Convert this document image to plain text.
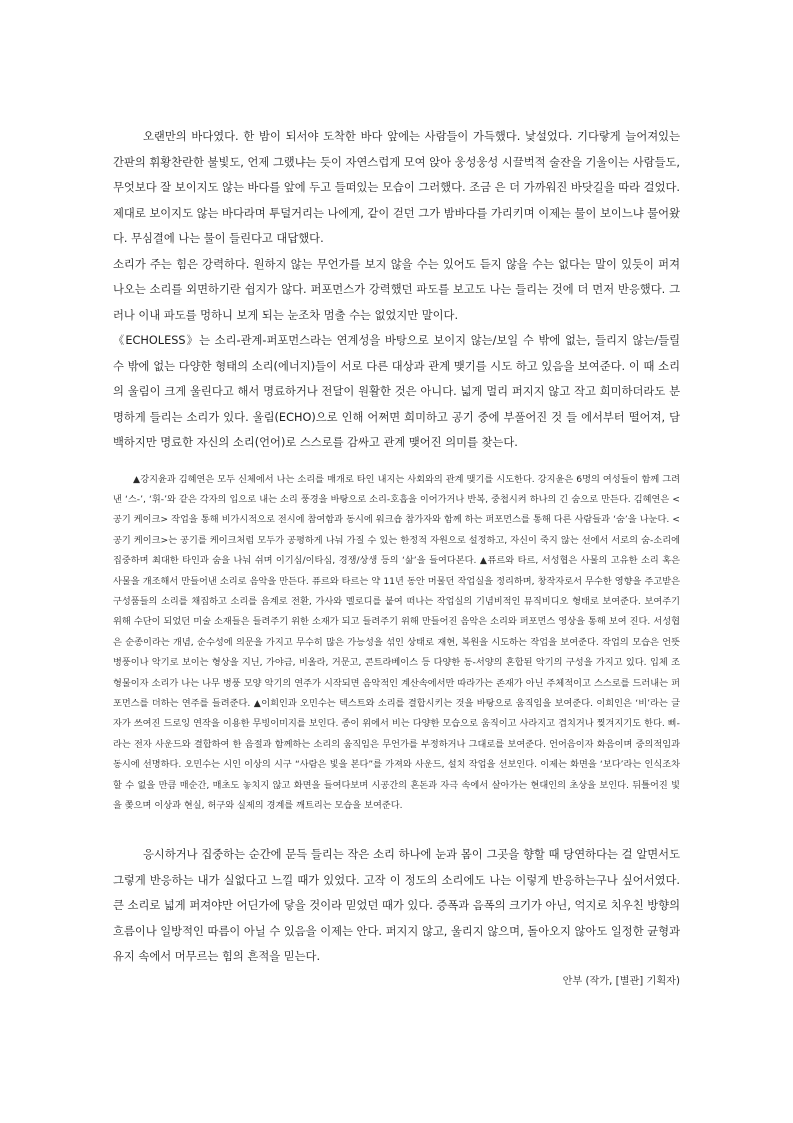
오랜만의 바다였다. 한 밤이 되서야 도착한 바다 앞에는 사람들이 가득했다. 낯설었다. 기다랗게 늘어져있는 간판의 휘황찬란한 불빛도, 언제 그랬냐는 듯이 자연스럽게 모여 앉아 웅성웅성 시끌벅적 술잔을 기울이는 사람들도, 무엇보다 잘 보이지도 않는 바다를 앞에 두고 들떠있는 모습이 그러했다. 조금 은 더 가까워진 바닷길을 따라 걸었다. 제대로 보이지도 않는 바다라며 투덜거리는 나에게, 같이 걷던 그가 밤바다를 가리키며 이제는 물이 보이느냐 물어왔다. 무심결에 나는 물이 들린다고 대답했다.

소리가 주는 힘은 강력하다. 원하지 않는 무언가를 보지 않을 수는 있어도 듣지 않을 수는 없다는 말이 있듯이 퍼져 나오는 소리를 외면하기란 쉽지가 않다. 퍼포먼스가 강력했던 파도를 보고도 나는 들리는 것에 더 먼저 반응했다. 그러나 이내 파도를 멍하니 보게 되는 눈조차 멈출 수는 없었지만 말이다.

《ECHOLESS》는 소리-관계-퍼포먼스라는 연계성을 바탕으로 보이지 않는/보일 수 밖에 없는, 들리지 않는/들릴 수 밖에 없는 다양한 형태의 소리(에너지)들이 서로 다른 대상과 관계 맺기를 시도 하고 있음을 보여준다. 이 때 소리의 울림이 크게 울린다고 해서 명료하거나 전달이 원활한 것은 아니다. 넓게 멀리 퍼지지 않고 작고 희미하더라도 분명하게 들리는 소리가 있다. 울림(ECHO)으로 인해 어쩌면 희미하고 공기 중에 부풀어진 것 들 에서부터 떨어져, 담백하지만 명료한 자신의 소리(언어)로 스스로를 감싸고 관계 맺어진 의미를 찾는다.

▲강지윤과 김혜연은 모두 신체에서 나는 소리를 매개로 타인 내지는 사회와의 관계 맺기를 시도한다. 강지윤은 6명의 여성들이 함께 그려낸 ‘스-’, ‘휘-’와 같은 각자의 입으로 내는 소리 풍경을 바탕으로 소리-호흡을 이어가거나 반복, 중첩시켜 하나의 긴 숨으로 만든다. 김혜연은 <공기 케이크> 작업을 통해 비가시적으로 전시에 참여함과 동시에 워크숍 참가자와 함께 하는 퍼포먼스를 통해 다른 사람들과 ‘숨’을 나눈다. <공기 케이크>는 공기를 케이크처럼 모두가 공평하게 나눠 가질 수 있는 한정적 자원으로 설정하고, 자신이 죽지 않는 선에서 서로의 숨-소리에 집중하며 최대한 타인과 숨을 나눠 쉬며 이기심/이타심, 경쟁/상생 등의 ‘삶’을 들여다본다. ▲퓨르와 타르, 서성협은 사물의 고유한 소리 혹은 사물을 개조해서 만들어낸 소리로 음악을 만든다. 퓨르와 타르는 약 11년 동안 머물던 작업실을 정리하며, 창작자로서 무수한 영향을 주고받은 구성품들의 소리를 채집하고 소리를 음계로 전환, 가사와 멜로디를 붙여 떠나는 작업실의 기념비적인 뮤직비디오 형태로 보여준다. 보여주기 위해 수단이 되었던 미술 소재들은 들려주기 위한 소재가 되고 들려주기 위해 만들어진 음악은 소리와 퍼포먼스 영상을 통해 보여 진다. 서성협은 순종이라는 개념, 순수성에 의문을 가지고 무수히 많은 가능성을 섞인 상태로 재현, 복원을 시도하는 작업을 보여준다. 작업의 모습은 언뜻 병풍이나 악기로 보이는 형상을 지닌, 가야금, 비올라, 거문고, 콘트라베이스 등 다양한 동-서양의 혼합된 악기의 구성을 가지고 있다. 입체 조형물이자 소리가 나는 나무 병풍 모양 악기의 연주가 시작되면 음악적인 계산속에서만 따라가는 존재가 아닌 주체적이고 스스로를 드러내는 퍼포먼스를 더하는 연주를 들려준다. ▲이희인과 오민수는 텍스트와 소리를 결합시키는 것을 바탕으로 움직임을 보여준다. 이희인은 ‘비’라는 글자가 쓰여진 드로잉 연작을 이용한 무빙이미지를 보인다. 종이 위에서 비는 다양한 모습으로 움직이고 사라지고 겹치거나 찢겨지기도 한다. 삐-라는 전자 사운드와 결합하여 한 음절과 함께하는 소리의 움직임은 무언가를 부정하거나 그대로를 보여준다. 언어음이자 화음이며 중의적임과 동시에 선명하다. 오민수는 시인 이상의 시구 “사람은 빛을 본다”를 가져와 사운드, 설치 작업을 선보인다. 이제는 화면을 ‘보다’라는 인식조차 할 수 없을 만큼 매순간, 매초도 놓치지 않고 화면을 들여다보며 시공간의 혼돈과 자극 속에서 살아가는 현대인의 초상을 보인다. 뒤틀어진 빛을 쫒으며 이상과 현실, 허구와 실제의 경계를 깨트리는 모습을 보여준다.

응시하거나 집중하는 순간에 문득 들리는 작은 소리 하나에 눈과 몸이 그곳을 향할 때 당연하다는 걸 알면서도 그렇게 반응하는 내가 실없다고 느낄 때가 있었다. 고작 이 정도의 소리에도 나는 이렇게 반응하는구나 싶어서였다. 큰 소리로 넓게 퍼져야만 어딘가에 닿을 것이라 믿었던 때가 있다. 증폭과 음폭의 크기가 아닌, 억지로 치우친 방향의 흐름이나 일방적인 따름이 아닐 수 있음을 이제는 안다. 퍼지지 않고, 울리지 않으며, 돌아오지 않아도 일정한 균형과 유지 속에서 머무르는 힘의 흔적을 믿는다.

안부 (작가, [별관] 기획자)
